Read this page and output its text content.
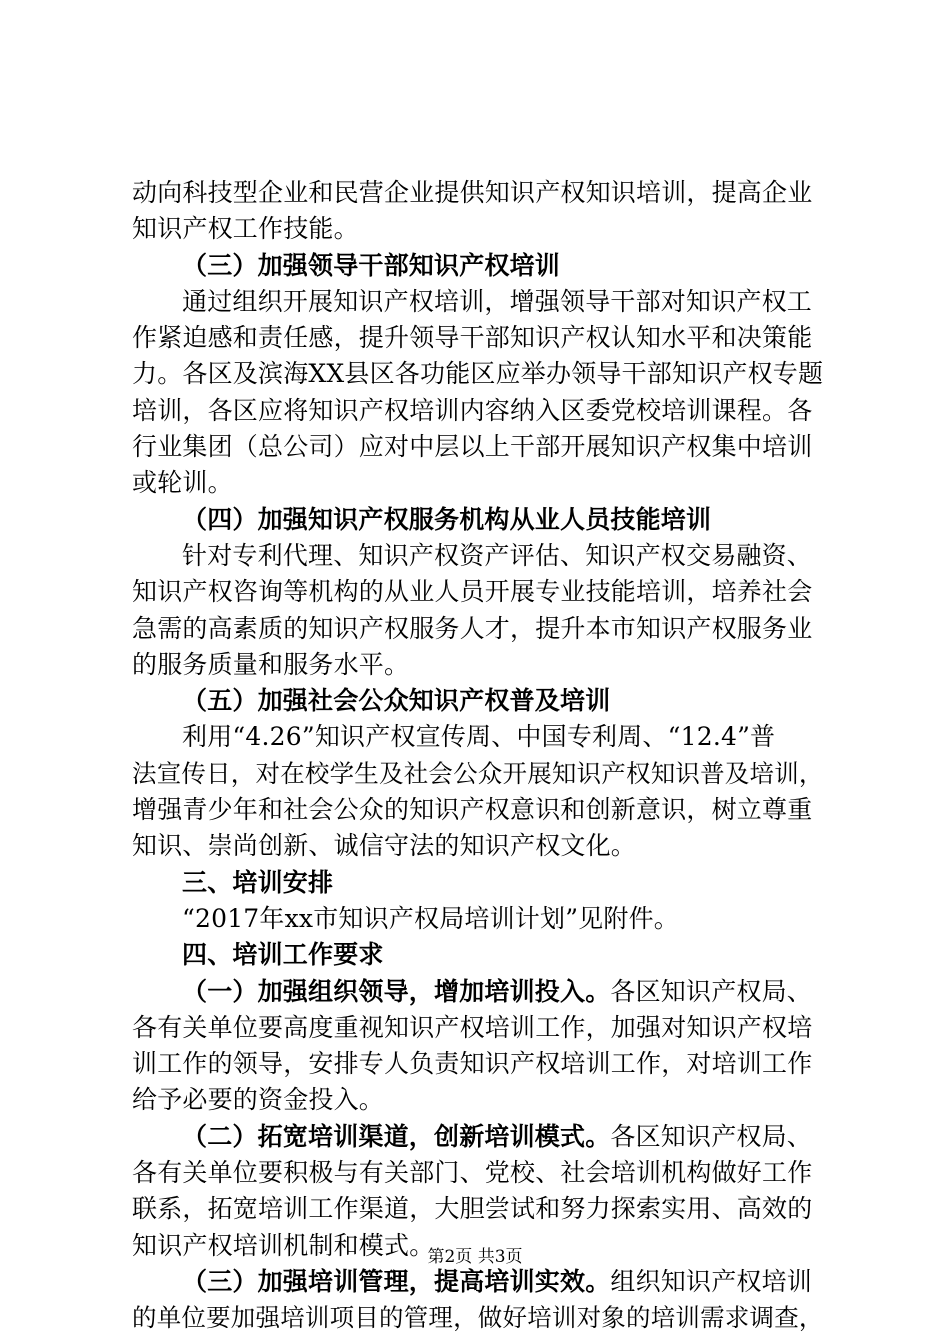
动向科技型企业和民营企业提供知识产权知识培训，提高企业
知识产权工作技能。
（三）加强领导干部知识产权培训
通过组织开展知识产权培训，增强领导干部对知识产权工
作紧迫感和责任感，提升领导干部知识产权认知水平和决策能
力。各区及滨海XX县区各功能区应举办领导干部知识产权专题
培训，各区应将知识产权培训内容纳入区委党校培训课程。各
行业集团（总公司）应对中层以上干部开展知识产权集中培训
或轮训。
（四）加强知识产权服务机构从业人员技能培训
针对专利代理、知识产权资产评估、知识产权交易融资、
知识产权咨询等机构的从业人员开展专业技能培训，培养社会
急需的高素质的知识产权服务人才，提升本市知识产权服务业
的服务质量和服务水平。
（五）加强社会公众知识产权普及培训
利用“4.26”知识产权宣传周、中国专利周、“12.4”普
法宣传日，对在校学生及社会公众开展知识产权知识普及培训，
增强青少年和社会公众的知识产权意识和创新意识，树立尊重
知识、崇尚创新、诚信守法的知识产权文化。
三、培训安排
“2017年xx市知识产权局培训计划”见附件。
四、培训工作要求
（一）加强组织领导，增加培训投入。各区知识产权局、
各有关单位要高度重视知识产权培训工作，加强对知识产权培
训工作的领导，安排专人负责知识产权培训工作，对培训工作
给予必要的资金投入。
（二）拓宽培训渠道，创新培训模式。各区知识产权局、
各有关单位要积极与有关部门、党校、社会培训机构做好工作
联系，拓宽培训工作渠道，大胆尝试和努力探索实用、高效的
知识产权培训机制和模式。
（三）加强培训管理，提高培训实效。组织知识产权培训
的单位要加强培训项目的管理，做好培训对象的培训需求调查，
第2页 共3页
